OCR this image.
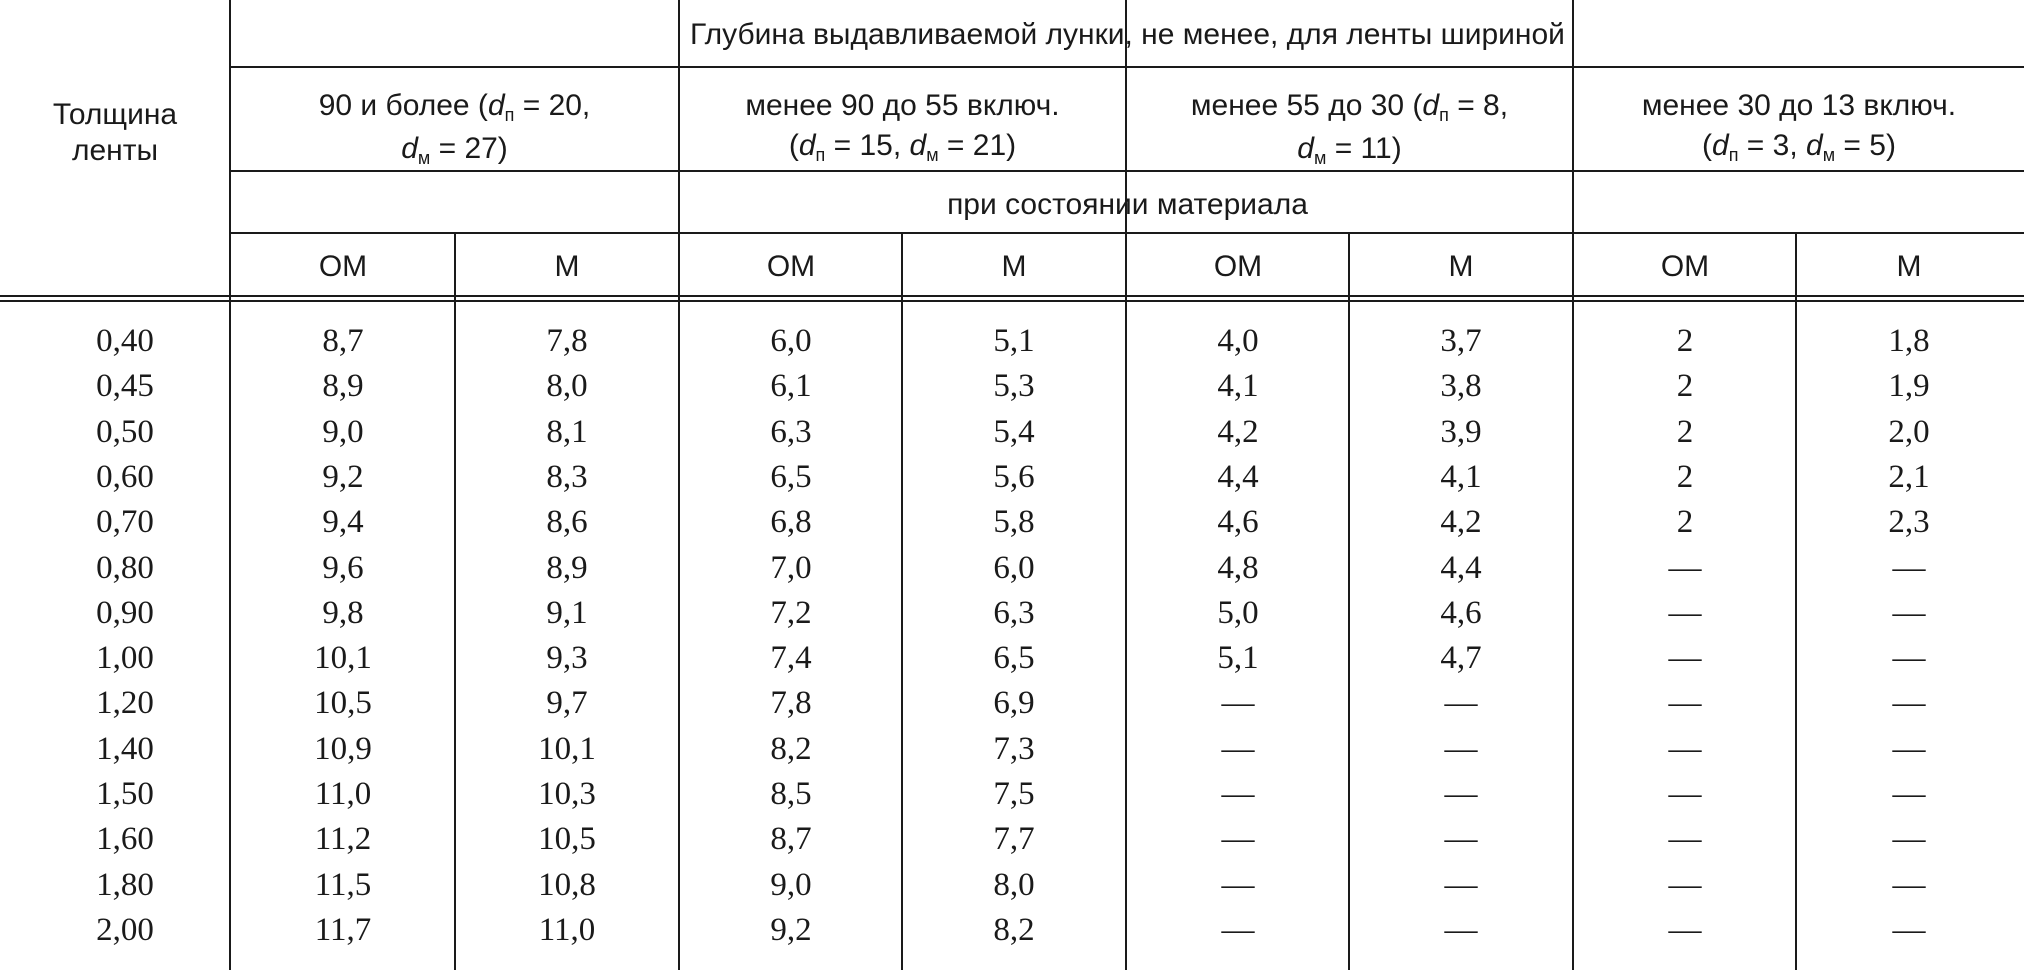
Толщина ленты
Глубина выдавливаемой лунки, не менее, для ленты шириной
90 и более ($d_п = 20$,
$d_м = 27$)
менее 90 до 55 включ.
($d_п = 15$, $d_м = 21$)
менее 55 до 30 ($d_п = 8$,
$d_м = 11$)
менее 30 до 13 включ.
($d_п = 3$, $d_м = 5$)
при состоянии материала
ОМ	М	ОМ	М	ОМ	М	ОМ	М
0,40	8,7	7,8	6,0	5,1	4,0	3,7	2	1,8
0,45	8,9	8,0	6,1	5,3	4,1	3,8	2	1,9
0,50	9,0	8,1	6,3	5,4	4,2	3,9	2	2,0
0,60	9,2	8,3	6,5	5,6	4,4	4,1	2	2,1
0,70	9,4	8,6	6,8	5,8	4,6	4,2	2	2,3
0,80	9,6	8,9	7,0	6,0	4,8	4,4	—	—
0,90	9,8	9,1	7,2	6,3	5,0	4,6	—	—
1,00	10,1	9,3	7,4	6,5	5,1	4,7	—	—
1,20	10,5	9,7	7,8	6,9	—	—	—	—
1,40	10,9	10,1	8,2	7,3	—	—	—	—
1,50	11,0	10,3	8,5	7,5	—	—	—	—
1,60	11,2	10,5	8,7	7,7	—	—	—	—
1,80	11,5	10,8	9,0	8,0	—	—	—	—
2,00	11,7	11,0	9,2	8,2	—	—	—	—
